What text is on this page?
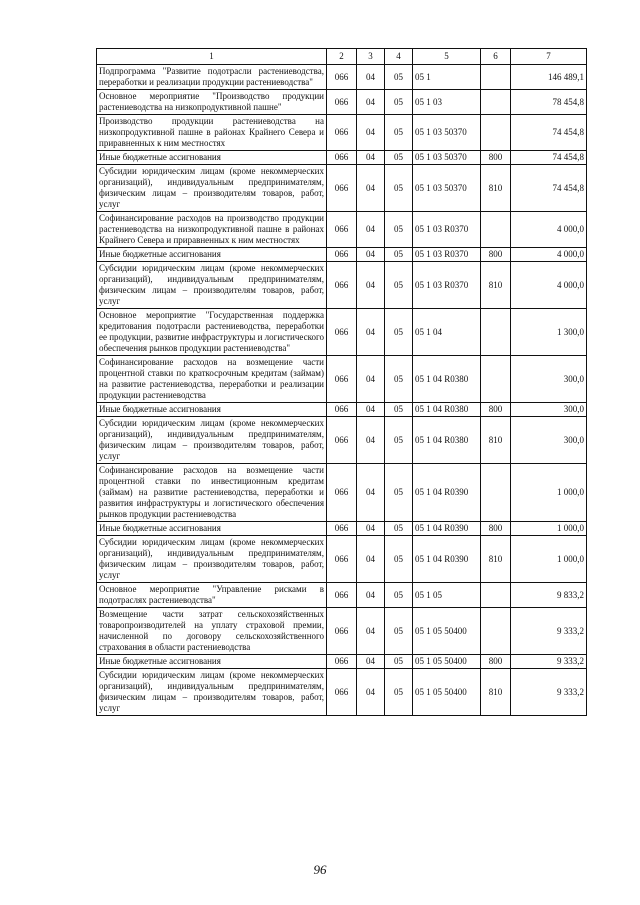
1	2	3	4	5	6	7
Подпрограмма "Развитие подотрасли растениеводства, переработки и реализации продукции растениеводства"	066	04	05	05 1		146 489,1
Основное мероприятие "Производство продукции растениеводства на низкопродуктивной пашне"	066	04	05	05 1 03		78 454,8
Производство продукции растениеводства на низкопродуктивной пашне в районах Крайнего Севера и приравненных к ним местностях	066	04	05	05 1 03 50370		74 454,8
Иные бюджетные ассигнования	066	04	05	05 1 03 50370	800	74 454,8
Субсидии юридическим лицам (кроме некоммерческих организаций), индивидуальным предпринимателям, физическим лицам – производителям товаров, работ, услуг	066	04	05	05 1 03 50370	810	74 454,8
Софинансирование расходов на производство продукции растениеводства на низкопродуктивной пашне в районах Крайнего Севера и приравненных к ним местностях	066	04	05	05 1 03 R0370		4 000,0
Иные бюджетные ассигнования	066	04	05	05 1 03 R0370	800	4 000,0
Субсидии юридическим лицам (кроме некоммерческих организаций), индивидуальным предпринимателям, физическим лицам – производителям товаров, работ, услуг	066	04	05	05 1 03 R0370	810	4 000,0
Основное мероприятие "Государственная поддержка кредитования подотрасли растениеводства, переработки ее продукции, развитие инфраструктуры и логистического обеспечения рынков продукции растениеводства"	066	04	05	05 1 04		1 300,0
Софинансирование расходов на возмещение части процентной ставки по краткосрочным кредитам (займам) на развитие растениеводства, переработки и реализации продукции растениеводства	066	04	05	05 1 04 R0380		300,0
Иные бюджетные ассигнования	066	04	05	05 1 04 R0380	800	300,0
Субсидии юридическим лицам (кроме некоммерческих организаций), индивидуальным предпринимателям, физическим лицам – производителям товаров, работ, услуг	066	04	05	05 1 04 R0380	810	300,0
Софинансирование расходов на возмещение части процентной ставки по инвестиционным кредитам (займам) на развитие растениеводства, переработки и развития инфраструктуры и логистического обеспечения рынков продукции растениеводства	066	04	05	05 1 04 R0390		1 000,0
Иные бюджетные ассигнования	066	04	05	05 1 04 R0390	800	1 000,0
Субсидии юридическим лицам (кроме некоммерческих организаций), индивидуальным предпринимателям, физическим лицам – производителям товаров, работ, услуг	066	04	05	05 1 04 R0390	810	1 000,0
Основное мероприятие "Управление рисками в подотраслях растениеводства"	066	04	05	05 1 05		9 833,2
Возмещение части затрат сельскохозяйственных товаропроизводителей на уплату страховой премии, начисленной по договору сельскохозяйственного страхования в области растениеводства	066	04	05	05 1 05 50400		9 333,2
Иные бюджетные ассигнования	066	04	05	05 1 05 50400	800	9 333,2
Субсидии юридическим лицам (кроме некоммерческих организаций), индивидуальным предпринимателям, физическим лицам – производителям товаров, работ, услуг	066	04	05	05 1 05 50400	810	9 333,2
96
